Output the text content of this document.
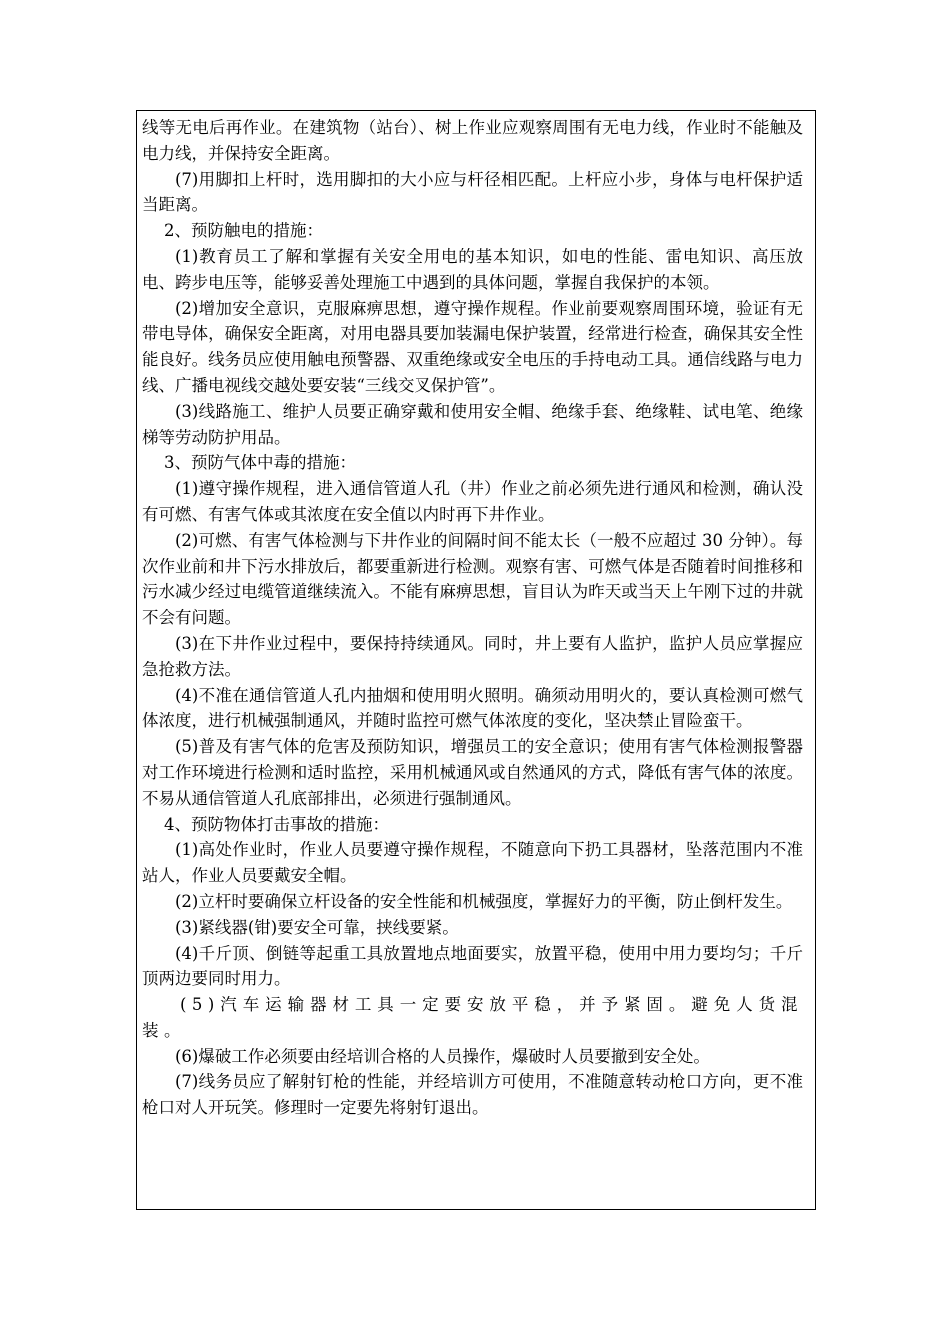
线等无电后再作业。在建筑物（站台）、树上作业应观察周围有无电力线，作业时不能触及电力线，并保持安全距离。

(7)用脚扣上杆时，选用脚扣的大小应与杆径相匹配。上杆应小步，身体与电杆保护适当距离。

2、预防触电的措施：

(1)教育员工了解和掌握有关安全用电的基本知识，如电的性能、雷电知识、高压放电、跨步电压等，能够妥善处理施工中遇到的具体问题，掌握自我保护的本领。

(2)增加安全意识，克服麻痹思想，遵守操作规程。作业前要观察周围环境，验证有无带电导体，确保安全距离，对用电器具要加装漏电保护装置，经常进行检查，确保其安全性能良好。线务员应使用触电预警器、双重绝缘或安全电压的手持电动工具。通信线路与电力线、广播电视线交越处要安装“三线交叉保护管”。

(3)线路施工、维护人员要正确穿戴和使用安全帽、绝缘手套、绝缘鞋、试电笔、绝缘梯等劳动防护用品。

3、预防气体中毒的措施：

(1)遵守操作规程，进入通信管道人孔（井）作业之前必须先进行通风和检测，确认没有可燃、有害气体或其浓度在安全值以内时再下井作业。

(2)可燃、有害气体检测与下井作业的间隔时间不能太长（一般不应超过 30 分钟）。每次作业前和井下污水排放后，都要重新进行检测。观察有害、可燃气体是否随着时间推移和污水减少经过电缆管道继续流入。不能有麻痹思想，盲目认为昨天或当天上午刚下过的井就不会有问题。

(3)在下井作业过程中，要保持持续通风。同时，井上要有人监护，监护人员应掌握应急抢救方法。

(4)不准在通信管道人孔内抽烟和使用明火照明。确须动用明火的，要认真检测可燃气体浓度，进行机械强制通风，并随时监控可燃气体浓度的变化，坚决禁止冒险蛮干。

(5)普及有害气体的危害及预防知识，增强员工的安全意识；使用有害气体检测报警器对工作环境进行检测和适时监控，采用机械通风或自然通风的方式，降低有害气体的浓度。不易从通信管道人孔底部排出，必须进行强制通风。

4、预防物体打击事故的措施：

(1)高处作业时，作业人员要遵守操作规程，不随意向下扔工具器材，坠落范围内不准站人，作业人员要戴安全帽。

(2)立杆时要确保立杆设备的安全性能和机械强度，掌握好力的平衡，防止倒杆发生。

(3)紧线器(钳)要安全可靠，挟线要紧。

(4)千斤顶、倒链等起重工具放置地点地面要实，放置平稳，使用中用力要均匀；千斤顶两边要同时用力。

(5)汽车运输器材工具一定要安放平稳，并予紧固。避免人货混装。

(6)爆破工作必须要由经培训合格的人员操作，爆破时人员要撤到安全处。

(7)线务员应了解射钉枪的性能，并经培训方可使用，不准随意转动枪口方向，更不准枪口对人开玩笑。修理时一定要先将射钉退出。
